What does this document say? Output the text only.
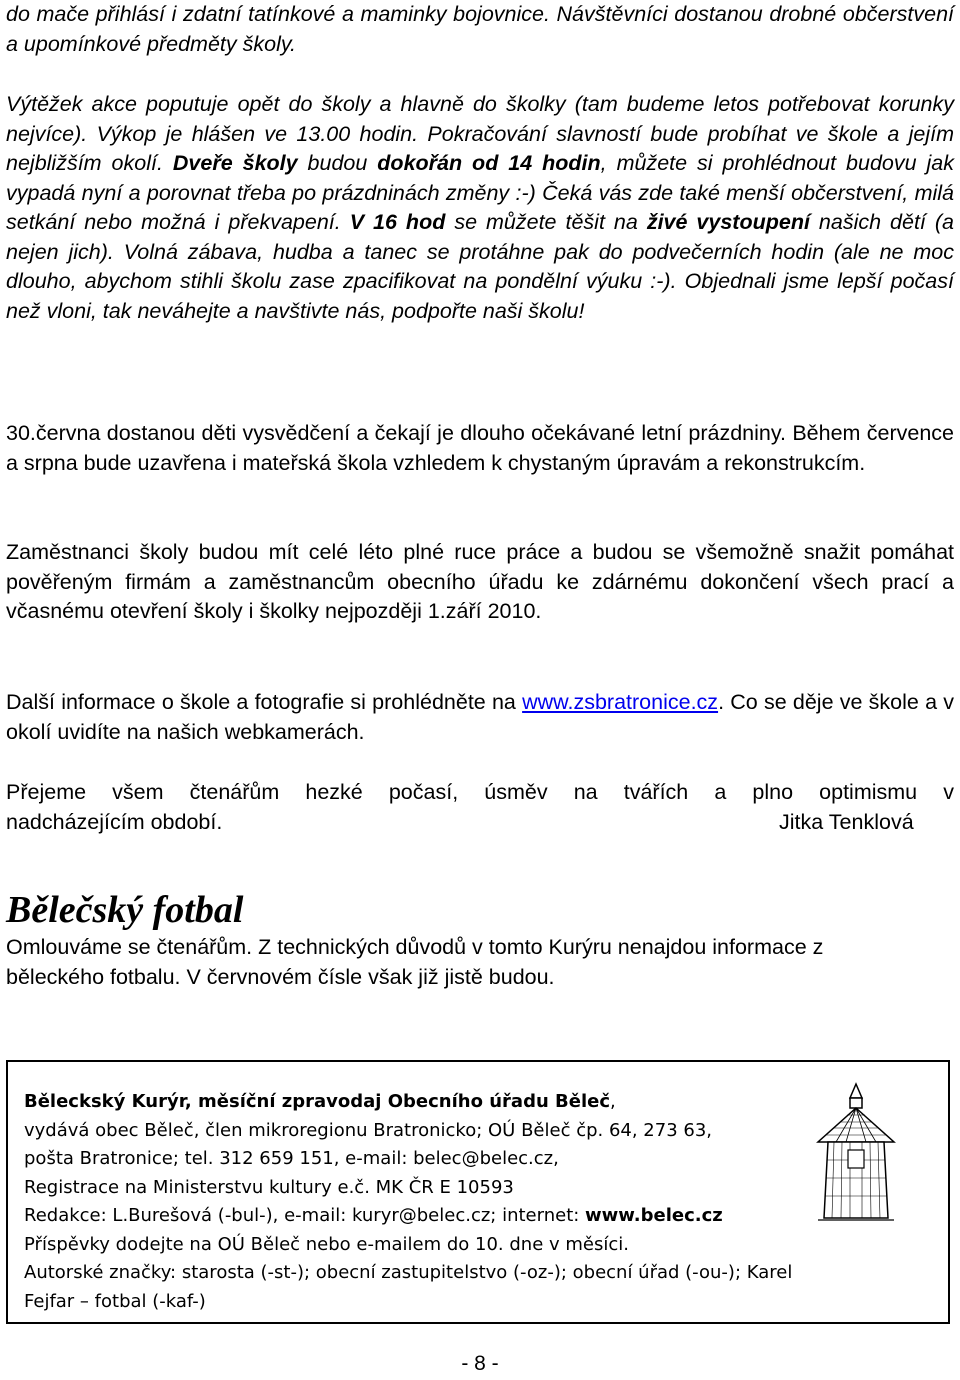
do mače přihlásí i zdatní tatínkové a maminky bojovnice. Návštěvníci dostanou drobné občerstvení a upomínkové předměty školy.

Výtěžek akce poputuje opět do školy a hlavně do školky (tam budeme letos potřebovat korunky nejvíce). Výkop je hlášen ve 13.00 hodin. Pokračování slavností bude probíhat ve škole a jejím nejbližším okolí. Dveře školy budou dokořán od 14 hodin, můžete si prohlédnout budovu jak vypadá nyní a porovnat třeba po prázdninách změny :-) Čeká vás zde také menší občerstvení, milá setkání nebo možná i překvapení. V 16 hod se můžete těšit na živé vystoupení našich dětí (a nejen jich). Volná zábava, hudba a tanec se protáhne pak do podvečerních hodin (ale ne moc dlouho, abychom stihli školu zase zpacifikovat na pondělní výuku :-). Objednali jsme lepší počasí než vloni, tak neváhejte a navštivte nás, podpořte naši školu!

30.června dostanou děti vysvědčení a čekají je dlouho očekávané letní prázdniny. Během července a srpna bude uzavřena i mateřská škola vzhledem k chystaným úpravám a rekonstrukcím.

Zaměstnanci školy budou mít celé léto plné ruce práce a budou se všemožně snažit pomáhat pověřeným firmám a zaměstnancům obecního úřadu ke zdárnému dokončení všech prací a včasnému otevření školy i školky nejpozději 1.září 2010.

Další informace o škole a fotografie si prohlédněte na www.zsbratronice.cz. Co se děje ve škole a v okolí uvidíte na našich webkamerách.

Přejeme všem čtenářům hezké počasí, úsměv na tvářích a plno optimismu v
nadcházejícím období.	Jitka Tenklová
Bělečský fotbal

Omlouváme se čtenářům. Z technických důvodů v tomto Kurýru nenajdou informace z běleckého fotbalu. V červnovém čísle však již jistě budou.

Běleckský Kurýr, měsíční zpravodaj Obecního úřadu Běleč,
vydává obec Běleč, člen mikroregionu Bratronicko; OÚ Běleč čp. 64, 273 63,
pošta Bratronice; tel. 312 659 151, e-mail: belec@belec.cz,
Registrace na Ministerstvu kultury e.č. MK ČR E 10593
Redakce: L.Burešová (-bul-), e-mail: kuryr@belec.cz; internet: www.belec.cz
Příspěvky dodejte na OÚ Běleč nebo e-mailem do 10. dne v měsíci.
Autorské značky: starosta (-st-); obecní zastupitelstvo (-oz-); obecní úřad (-ou-); Karel
Fejfar – fotbal (-kaf-)
- 8 -
